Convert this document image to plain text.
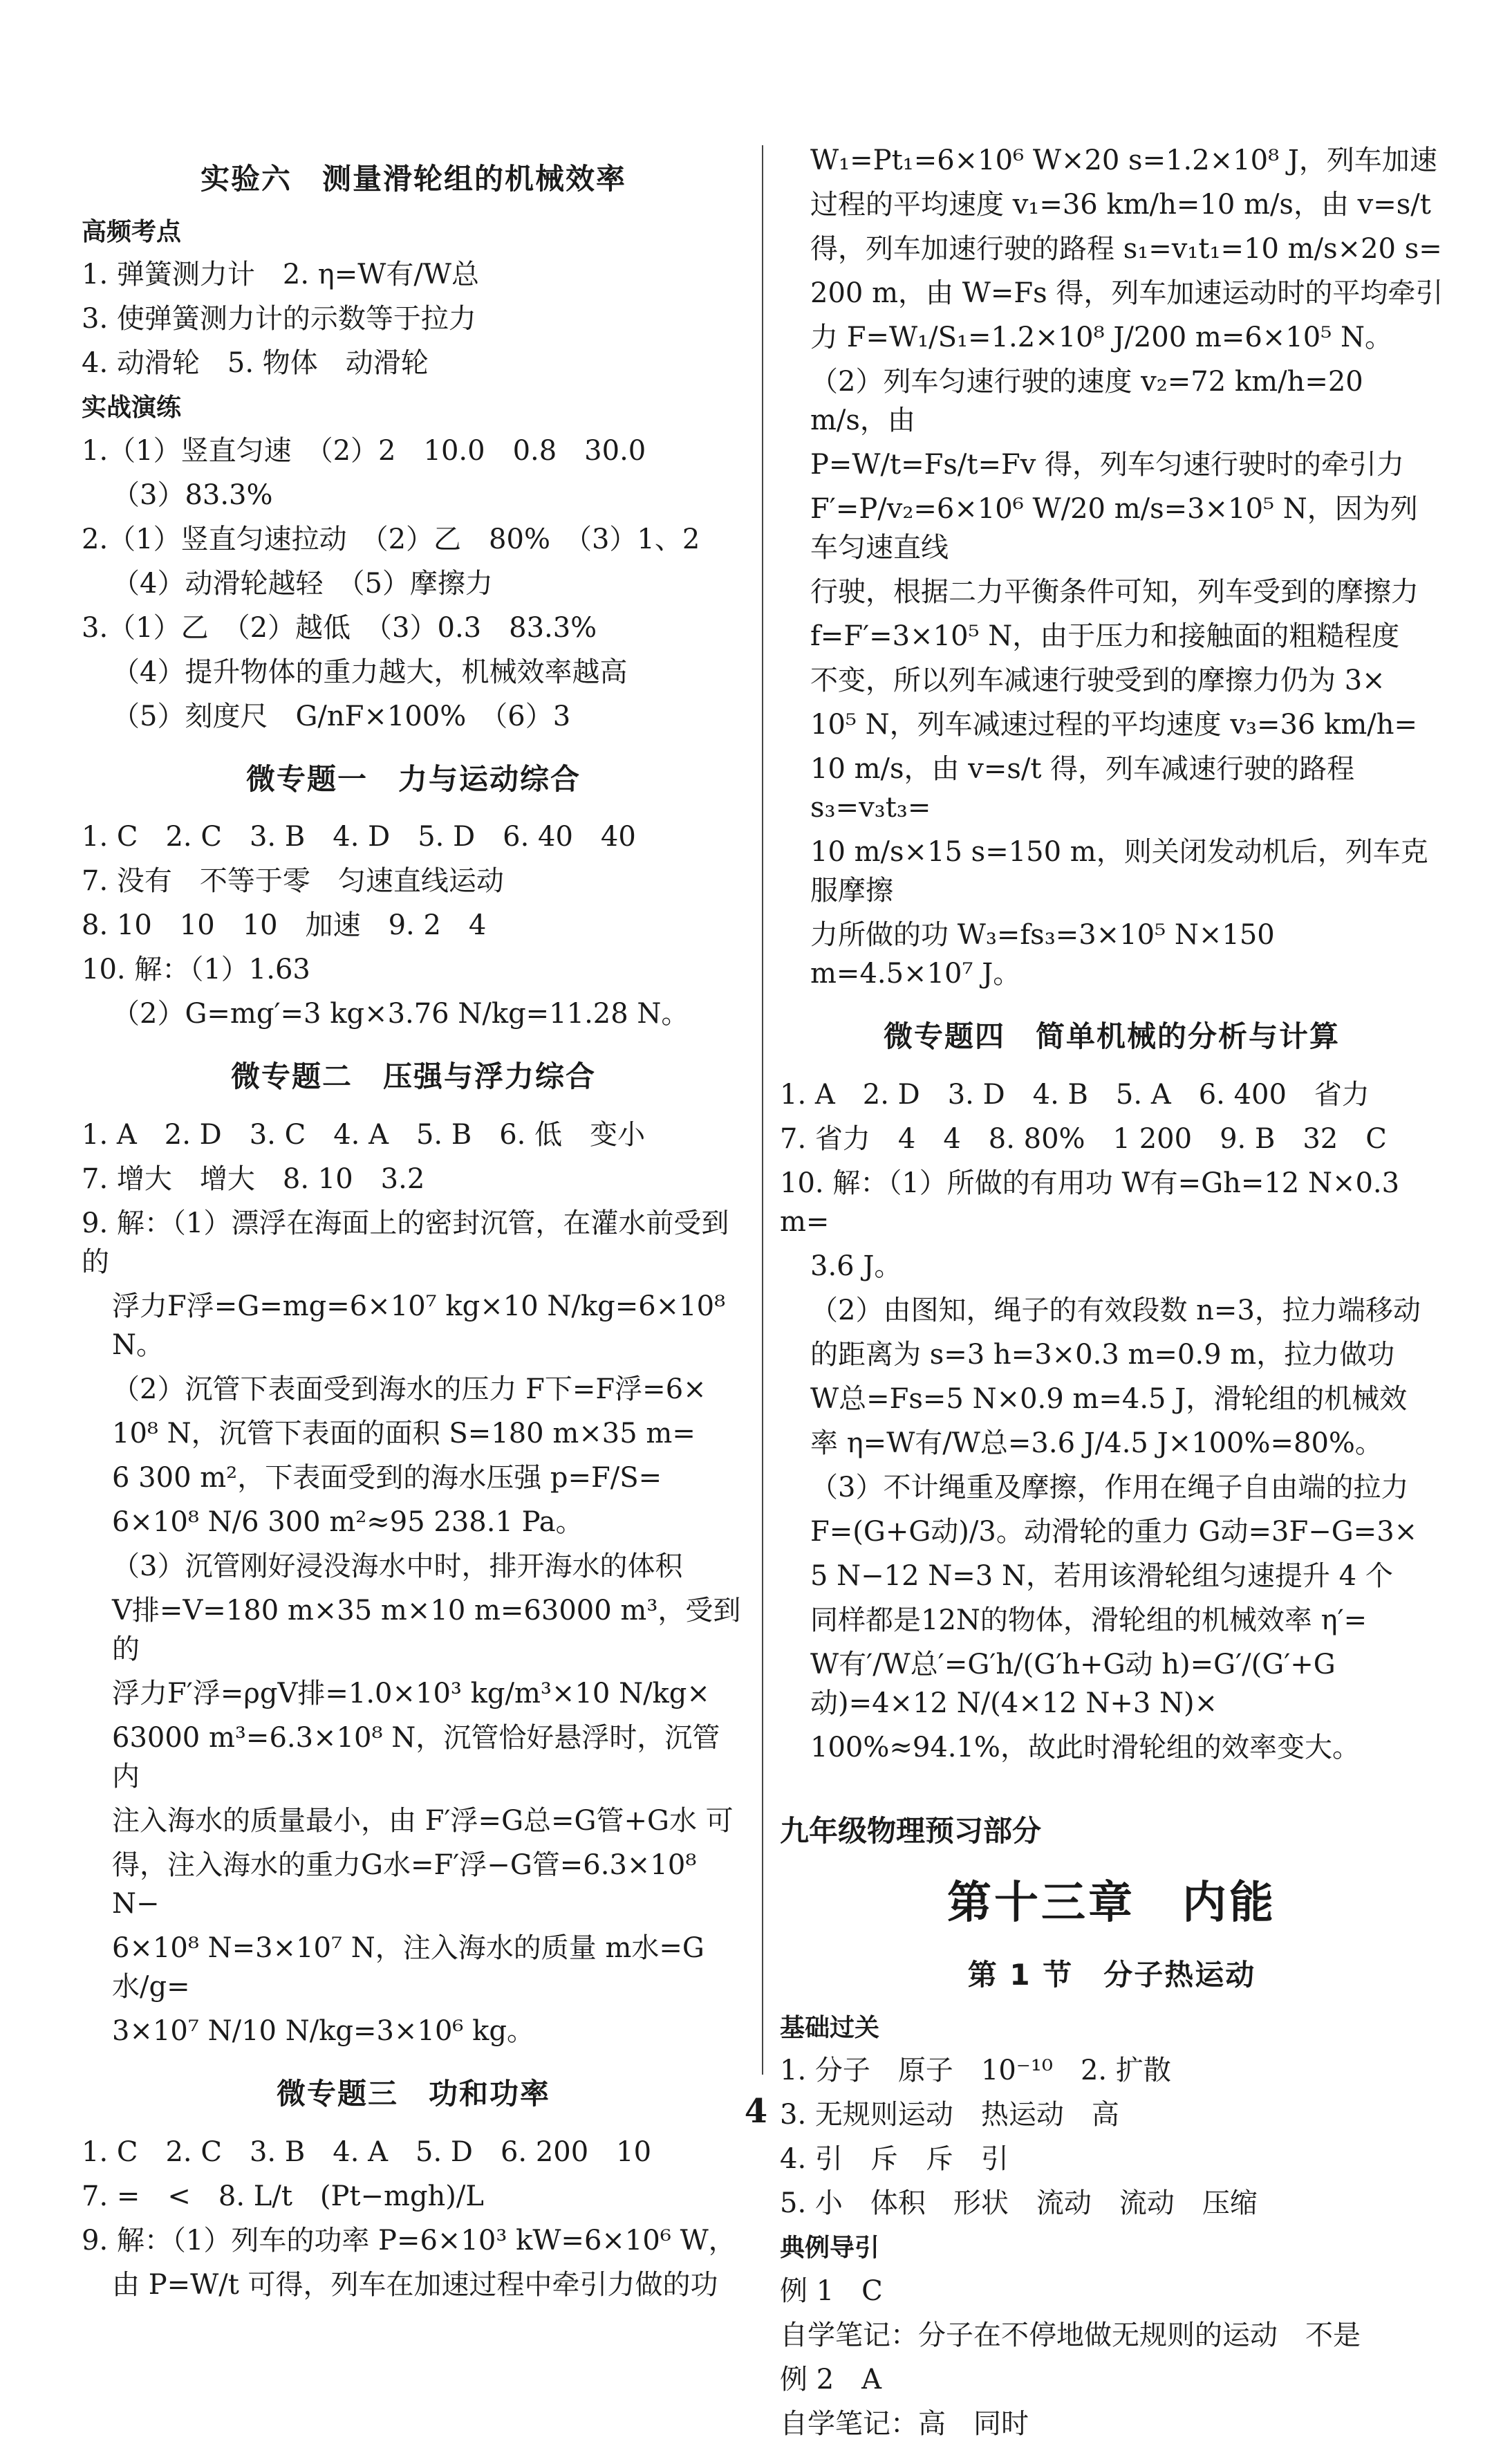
实验六　测量滑轮组的机械效率
高频考点

1. 弹簧测力计　2. η=W有/W总

3. 使弹簧测力计的示数等于拉力

4. 动滑轮　5. 物体　动滑轮

实战演练

1.（1）竖直匀速　（2）2　10.0　0.8　30.0

（3）83.3%

2.（1）竖直匀速拉动　（2）乙　80%　（3）1、2

（4）动滑轮越轻　（5）摩擦力

3.（1）乙　（2）越低　（3）0.3　83.3%

（4）提升物体的重力越大，机械效率越高

（5）刻度尺　G/nF×100%　（6）3

微专题一　力与运动综合

1. C　2. C　3. B　4. D　5. D　6. 40　40

7. 没有　不等于零　匀速直线运动

8. 10　10　10　加速　9. 2　4

10. 解：（1）1.63

（2）G=mg′=3 kg×3.76 N/kg=11.28 N。

微专题二　压强与浮力综合

1. A　2. D　3. C　4. A　5. B　6. 低　变小

7. 增大　增大　8. 10　3.2

9. 解：（1）漂浮在海面上的密封沉管，在灌水前受到的

浮力F浮=G=mg=6×10⁷ kg×10 N/kg=6×10⁸ N。

（2）沉管下表面受到海水的压力 F下=F浮=6×

10⁸ N，沉管下表面的面积 S=180 m×35 m=

6 300 m²，下表面受到的海水压强 p=F/S=

6×10⁸ N/6 300 m²≈95 238.1 Pa。

（3）沉管刚好浸没海水中时，排开海水的体积

V排=V=180 m×35 m×10 m=63000 m³，受到的

浮力F′浮=ρgV排=1.0×10³ kg/m³×10 N/kg×

63000 m³=6.3×10⁸ N，沉管恰好悬浮时，沉管内

注入海水的质量最小，由 F′浮=G总=G管+G水 可

得，注入海水的重力G水=F′浮−G管=6.3×10⁸ N−

6×10⁸ N=3×10⁷ N，注入海水的质量 m水=G水/g=

3×10⁷ N/10 N/kg=3×10⁶ kg。

微专题三　功和功率

1. C　2. C　3. B　4. A　5. D　6. 200　10

7. =　<　8. L/t　(Pt−mgh)/L

9. 解：（1）列车的功率 P=6×10³ kW=6×10⁶ W，

由 P=W/t 可得，列车在加速过程中牵引力做的功

W₁=Pt₁=6×10⁶ W×20 s=1.2×10⁸ J，列车加速

过程的平均速度 v₁=36 km/h=10 m/s，由 v=s/t

得，列车加速行驶的路程 s₁=v₁t₁=10 m/s×20 s=

200 m，由 W=Fs 得，列车加速运动时的平均牵引

力 F=W₁/S₁=1.2×10⁸ J/200 m=6×10⁵ N。

（2）列车匀速行驶的速度 v₂=72 km/h=20 m/s，由

P=W/t=Fs/t=Fv 得，列车匀速行驶时的牵引力

F′=P/v₂=6×10⁶ W/20 m/s=3×10⁵ N，因为列车匀速直线

行驶，根据二力平衡条件可知，列车受到的摩擦力

f=F′=3×10⁵ N，由于压力和接触面的粗糙程度

不变，所以列车减速行驶受到的摩擦力仍为 3×

10⁵ N，列车减速过程的平均速度 v₃=36 km/h=

10 m/s，由 v=s/t 得，列车减速行驶的路程 s₃=v₃t₃=

10 m/s×15 s=150 m，则关闭发动机后，列车克服摩擦

力所做的功 W₃=fs₃=3×10⁵ N×150 m=4.5×10⁷ J。

微专题四　简单机械的分析与计算

1. A　2. D　3. D　4. B　5. A　6. 400　省力

7. 省力　4　4　8. 80%　1 200　9. B　32　C

10. 解：（1）所做的有用功 W有=Gh=12 N×0.3 m=

3.6 J。

（2）由图知，绳子的有效段数 n=3，拉力端移动

的距离为 s=3 h=3×0.3 m=0.9 m，拉力做功

W总=Fs=5 N×0.9 m=4.5 J，滑轮组的机械效

率 η=W有/W总=3.6 J/4.5 J×100%=80%。

（3）不计绳重及摩擦，作用在绳子自由端的拉力

F=(G+G动)/3。动滑轮的重力 G动=3F−G=3×

5 N−12 N=3 N，若用该滑轮组匀速提升 4 个

同样都是12N的物体，滑轮组的机械效率 η′=

W有′/W总′=G′h/(G′h+G动 h)=G′/(G′+G动)=4×12 N/(4×12 N+3 N)×

100%≈94.1%，故此时滑轮组的效率变大。

九年级物理预习部分
第十三章　内能
第 1 节　分子热运动
基础过关

1. 分子　原子　10⁻¹⁰　2. 扩散

3. 无规则运动　热运动　高

4. 引　斥　斥　引

5. 小　体积　形状　流动　流动　压缩

典例导引

例 1　C

自学笔记：分子在不停地做无规则的运动　不是

例 2　A

自学笔记：高　同时

4
